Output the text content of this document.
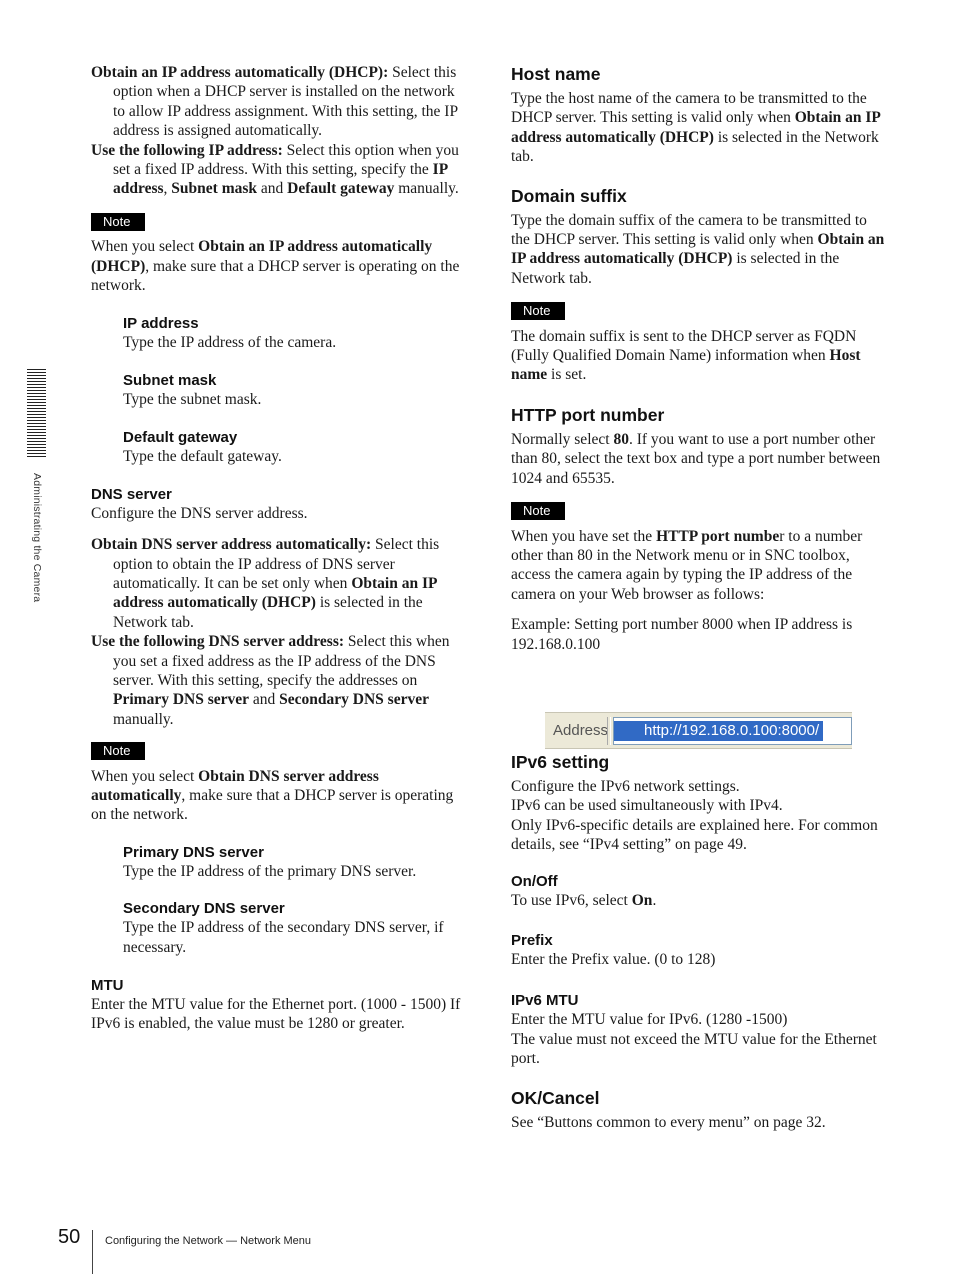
Administrating the Camera

Obtain an IP address automatically (DHCP): Select this option when a DHCP server is installed on the network to allow IP address assignment. With this setting, the IP address is assigned automatically.

Use the following IP address: Select this option when you set a fixed IP address. With this setting, specify the IP address, Subnet mask and Default gateway manually.

Note

When you select Obtain an IP address automatically (DHCP), make sure that a DHCP server is operating on the network.

IP address

Type the IP address of the camera.

Subnet mask

Type the subnet mask.

Default gateway

Type the default gateway.

DNS server

Configure the DNS server address.

Obtain DNS server address automatically: Select this option to obtain the IP address of DNS server automatically. It can be set only when Obtain an IP address automatically (DHCP) is selected in the Network tab.

Use the following DNS server address: Select this when you set a fixed address as the IP address of the DNS server. With this setting, specify the addresses on Primary DNS server and Secondary DNS server manually.

Note

When you select Obtain DNS server address automatically, make sure that a DHCP server is operating on the network.

Primary DNS server

Type the IP address of the primary DNS server.

Secondary DNS server

Type the IP address of the secondary DNS server, if necessary.

MTU

Enter the MTU value for the Ethernet port. (1000 - 1500) If IPv6 is enabled, the value must be 1280 or greater.

Host name

Type the host name of the camera to be transmitted to the DHCP server. This setting is valid only when Obtain an IP address automatically (DHCP) is selected in the Network tab.

Domain suffix

Type the domain suffix of the camera to be transmitted to the DHCP server. This setting is valid only when Obtain an IP address automatically (DHCP) is selected in the Network tab.

Note

The domain suffix is sent to the DHCP server as FQDN (Fully Qualified Domain Name) information when Host name is set.

HTTP port number

Normally select 80. If you want to use a port number other than 80, select the text box and type a port number between 1024 and 65535.

Note

When you have set the HTTP port number to a number other than 80 in the Network menu or in SNC toolbox, access the camera again by typing the IP address of the camera on your Web browser as follows:

Example: Setting port number 8000 when IP address is 192.168.0.100

IPv6 setting

Configure the IPv6 network settings.

IPv6 can be used simultaneously with IPv4.

Only IPv6-specific details are explained here. For common details, see “IPv4 setting” on page 49.

On/Off

To use IPv6, select On.

Prefix

Enter the Prefix value. (0 to 128)

IPv6 MTU

Enter the MTU value for IPv6. (1280 -1500)

The value must not exceed the MTU value for the Ethernet port.

OK/Cancel

See “Buttons common to every menu” on page 32.

Address	http://192.168.0.100:8000/
50 Configuring the Network — Network Menu
